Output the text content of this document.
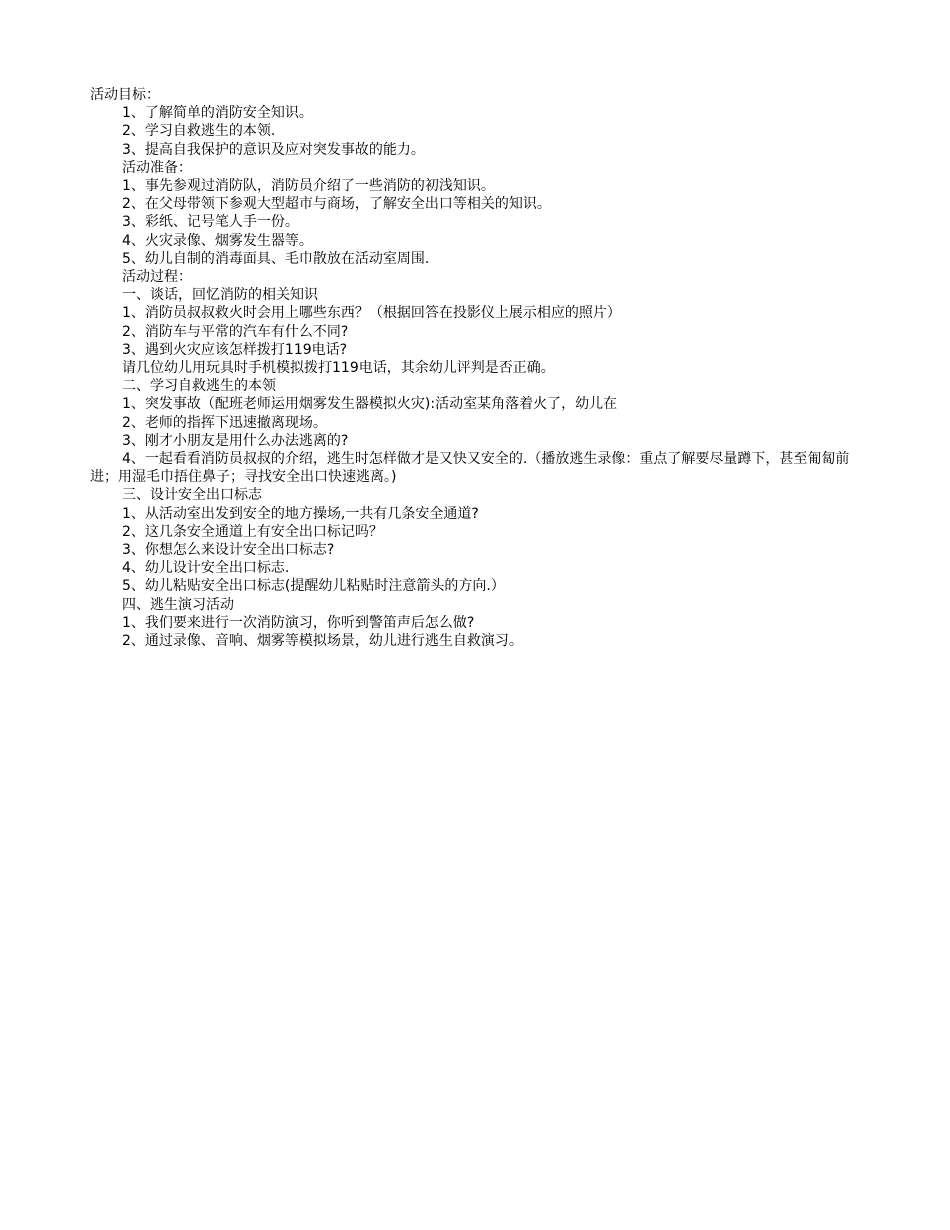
活动目标：

1、了解简单的消防安全知识。

2、学习自救逃生的本领.

3、提高自我保护的意识及应对突发事故的能力。

活动准备：

1、事先参观过消防队，消防员介绍了一些消防的初浅知识。

2、在父母带领下参观大型超市与商场，了解安全出口等相关的知识。

3、彩纸、记号笔人手一份。

4、火灾录像、烟雾发生器等。

5、幼儿自制的消毒面具、毛巾散放在活动室周围.

活动过程：

一、谈话，回忆消防的相关知识

1、消防员叔叔救火时会用上哪些东西？（根据回答在投影仪上展示相应的照片）

2、消防车与平常的汽车有什么不同?

3、遇到火灾应该怎样拨打119电话?

请几位幼儿用玩具时手机模拟拨打119电话，其余幼儿评判是否正确。

二、学习自救逃生的本领

1、突发事故（配班老师运用烟雾发生器模拟火灾):活动室某角落着火了，幼儿在

2、老师的指挥下迅速撤离现场。

3、刚才小朋友是用什么办法逃离的?

4、一起看看消防员叔叔的介绍，逃生时怎样做才是又快又安全的.（播放逃生录像：重点了解要尽量蹲下，甚至匍匐前进；用湿毛巾捂住鼻子；寻找安全出口快速逃离。)

三、设计安全出口标志

1、从活动室出发到安全的地方操场,一共有几条安全通道?

2、这几条安全通道上有安全出口标记吗？

3、你想怎么来设计安全出口标志?

4、幼儿设计安全出口标志.

5、幼儿粘贴安全出口标志(提醒幼儿粘贴时注意箭头的方向.）

四、逃生演习活动

1、我们要来进行一次消防演习，你听到警笛声后怎么做?

2、通过录像、音响、烟雾等模拟场景，幼儿进行逃生自救演习。
